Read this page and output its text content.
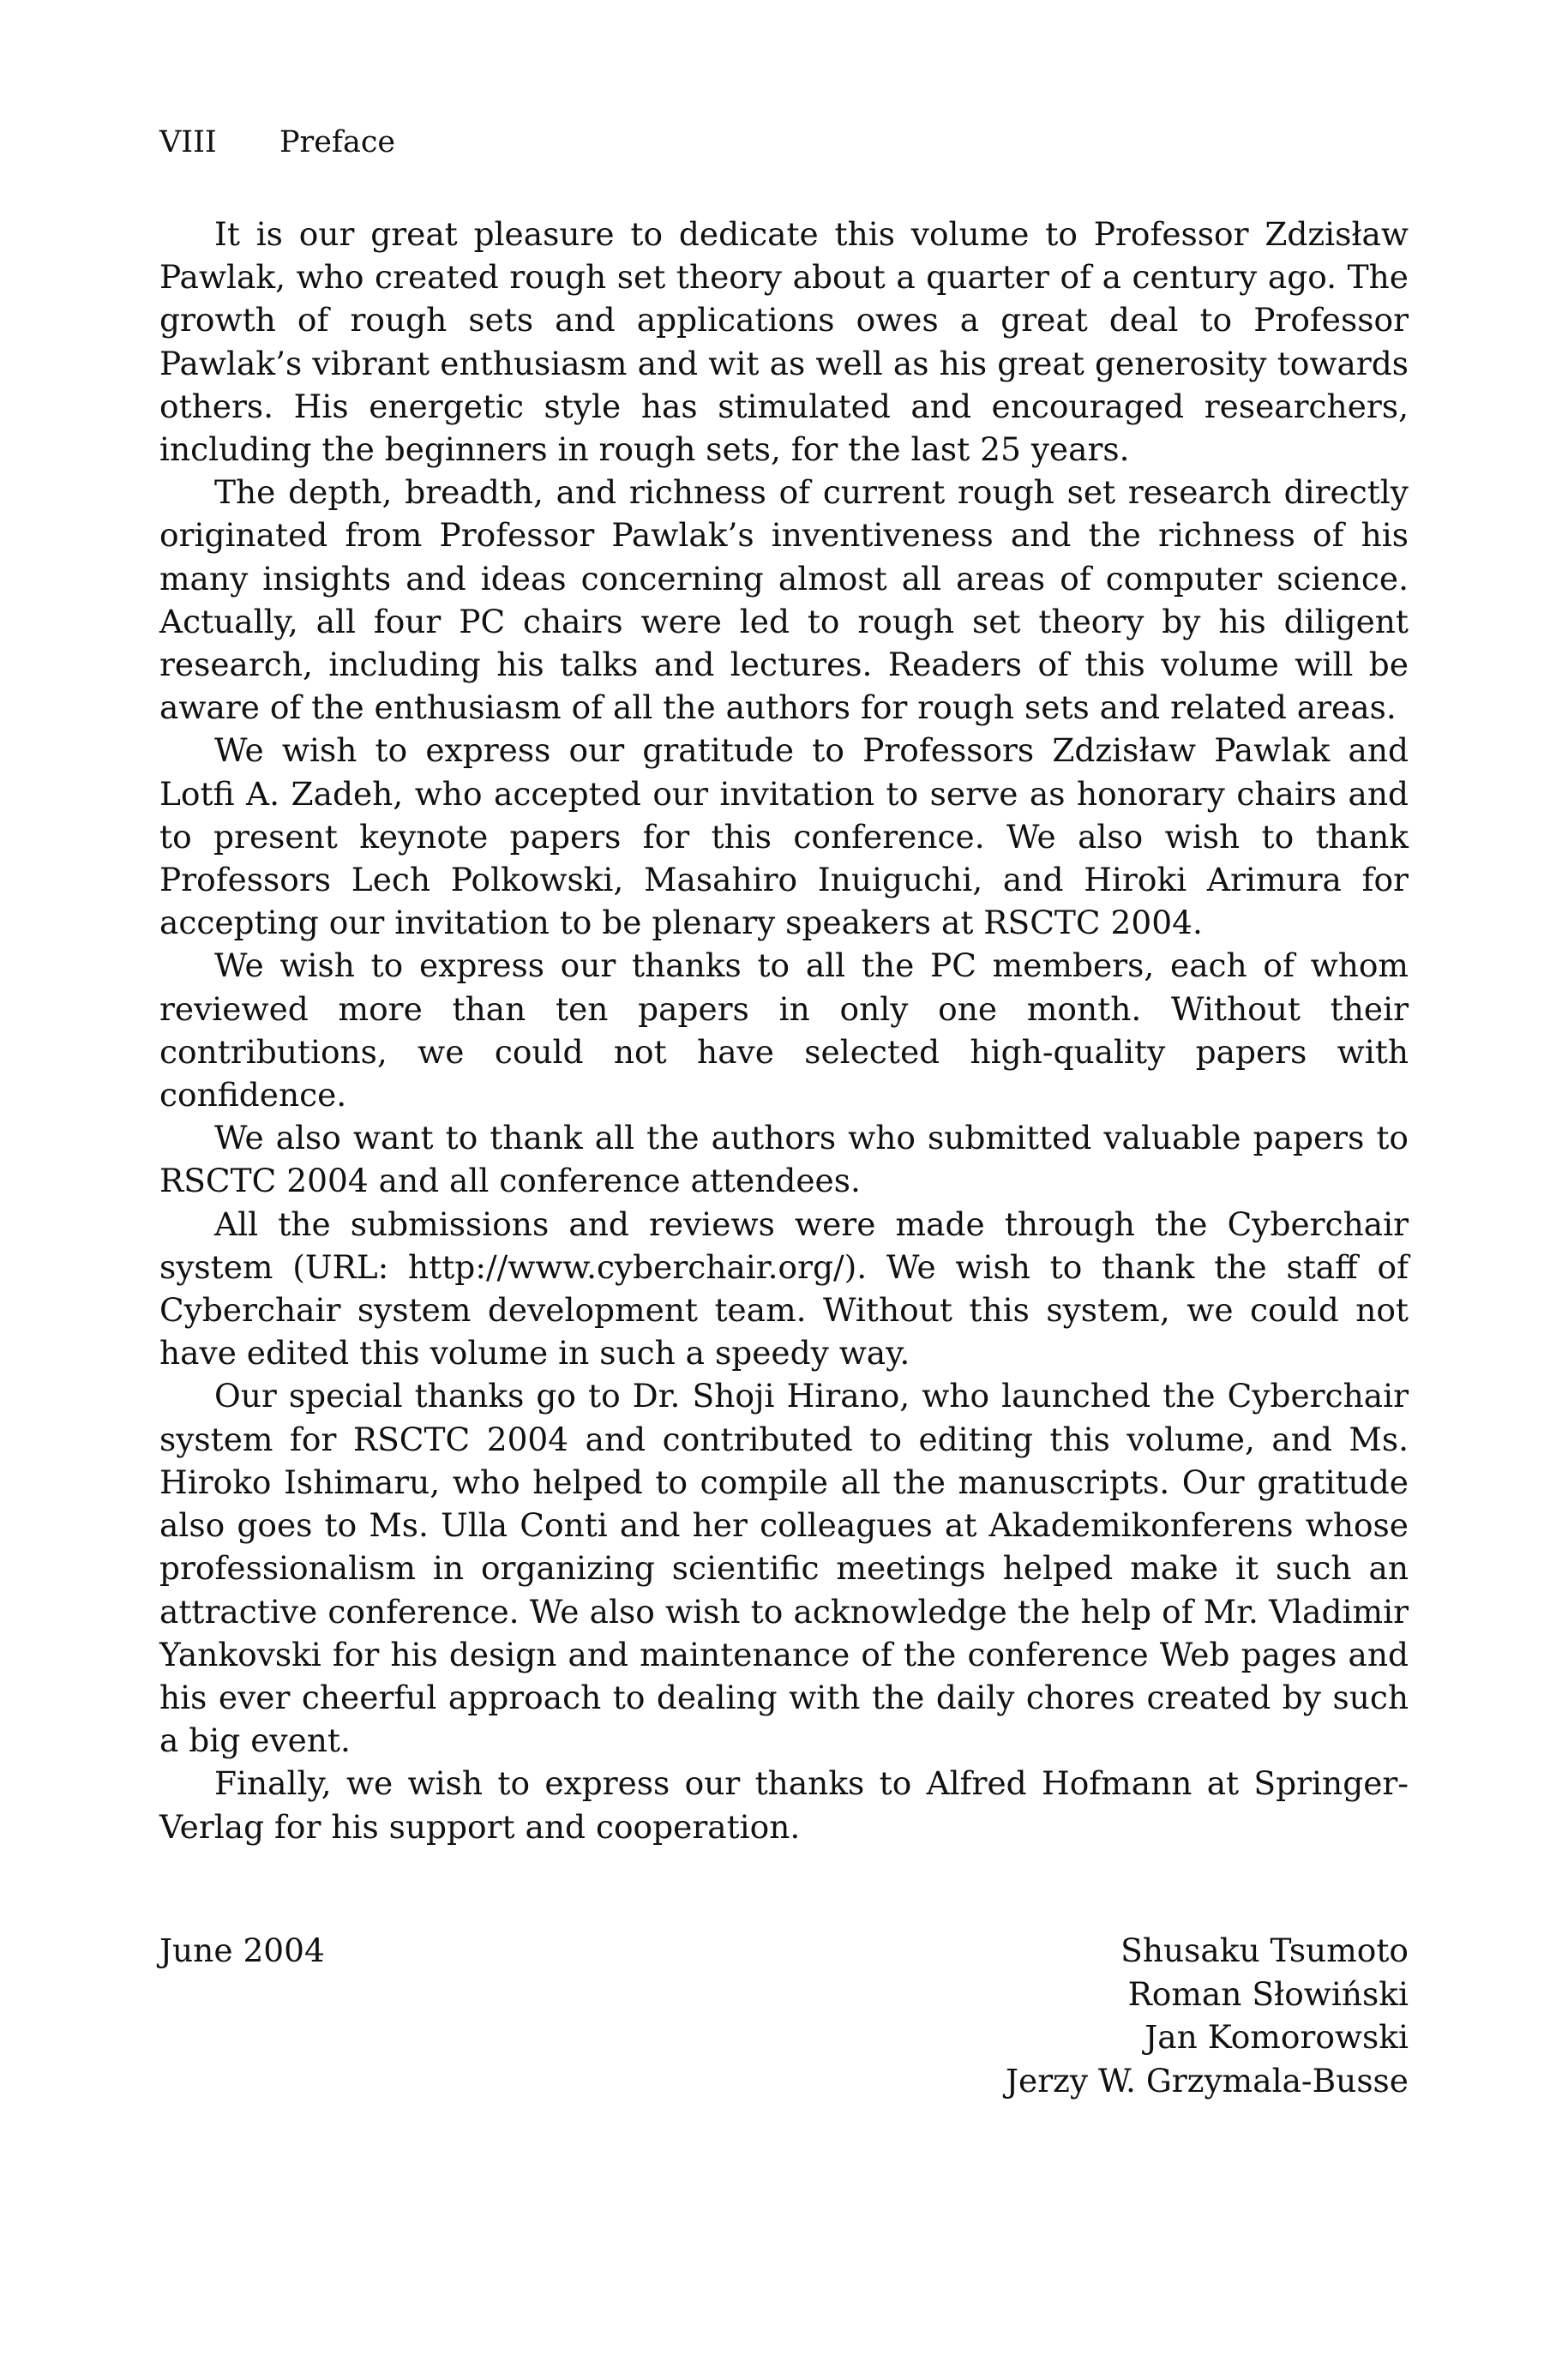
VIII Preface

It is our great pleasure to dedicate this volume to Professor Zdzisław Pawlak, who created rough set theory about a quarter of a century ago. The growth of rough sets and applications owes a great deal to Professor Pawlak’s vibrant enthusiasm and wit as well as his great generosity towards others. His energetic style has stimulated and encouraged researchers, including the beginners in rough sets, for the last 25 years.

The depth, breadth, and richness of current rough set research directly originated from Professor Pawlak’s inventiveness and the richness of his many insights and ideas concerning almost all areas of computer science. Actually, all four PC chairs were led to rough set theory by his diligent research, including his talks and lectures. Readers of this volume will be aware of the enthusiasm of all the authors for rough sets and related areas.

We wish to express our gratitude to Professors Zdzisław Pawlak and Lotfi A. Zadeh, who accepted our invitation to serve as honorary chairs and to present keynote papers for this conference. We also wish to thank Professors Lech Polkowski, Masahiro Inuiguchi, and Hiroki Arimura for accepting our invitation to be plenary speakers at RSCTC 2004.

We wish to express our thanks to all the PC members, each of whom reviewed more than ten papers in only one month. Without their contributions, we could not have selected high-quality papers with confidence.

We also want to thank all the authors who submitted valuable papers to RSCTC 2004 and all conference attendees.

All the submissions and reviews were made through the Cyberchair system (URL: http://www.cyberchair.org/). We wish to thank the staff of Cyberchair system development team. Without this system, we could not have edited this volume in such a speedy way.

Our special thanks go to Dr. Shoji Hirano, who launched the Cyberchair system for RSCTC 2004 and contributed to editing this volume, and Ms. Hiroko Ishimaru, who helped to compile all the manuscripts. Our gratitude also goes to Ms. Ulla Conti and her colleagues at Akademikonferens whose professionalism in organizing scientific meetings helped make it such an attractive conference. We also wish to acknowledge the help of Mr. Vladimir Yankovski for his design and maintenance of the conference Web pages and his ever cheerful approach to dealing with the daily chores created by such a big event.

Finally, we wish to express our thanks to Alfred Hofmann at Springer-Verlag for his support and cooperation.

June 2004	Shusaku Tsumoto
Roman Słowiński
Jan Komorowski
Jerzy W. Grzymala-Busse
